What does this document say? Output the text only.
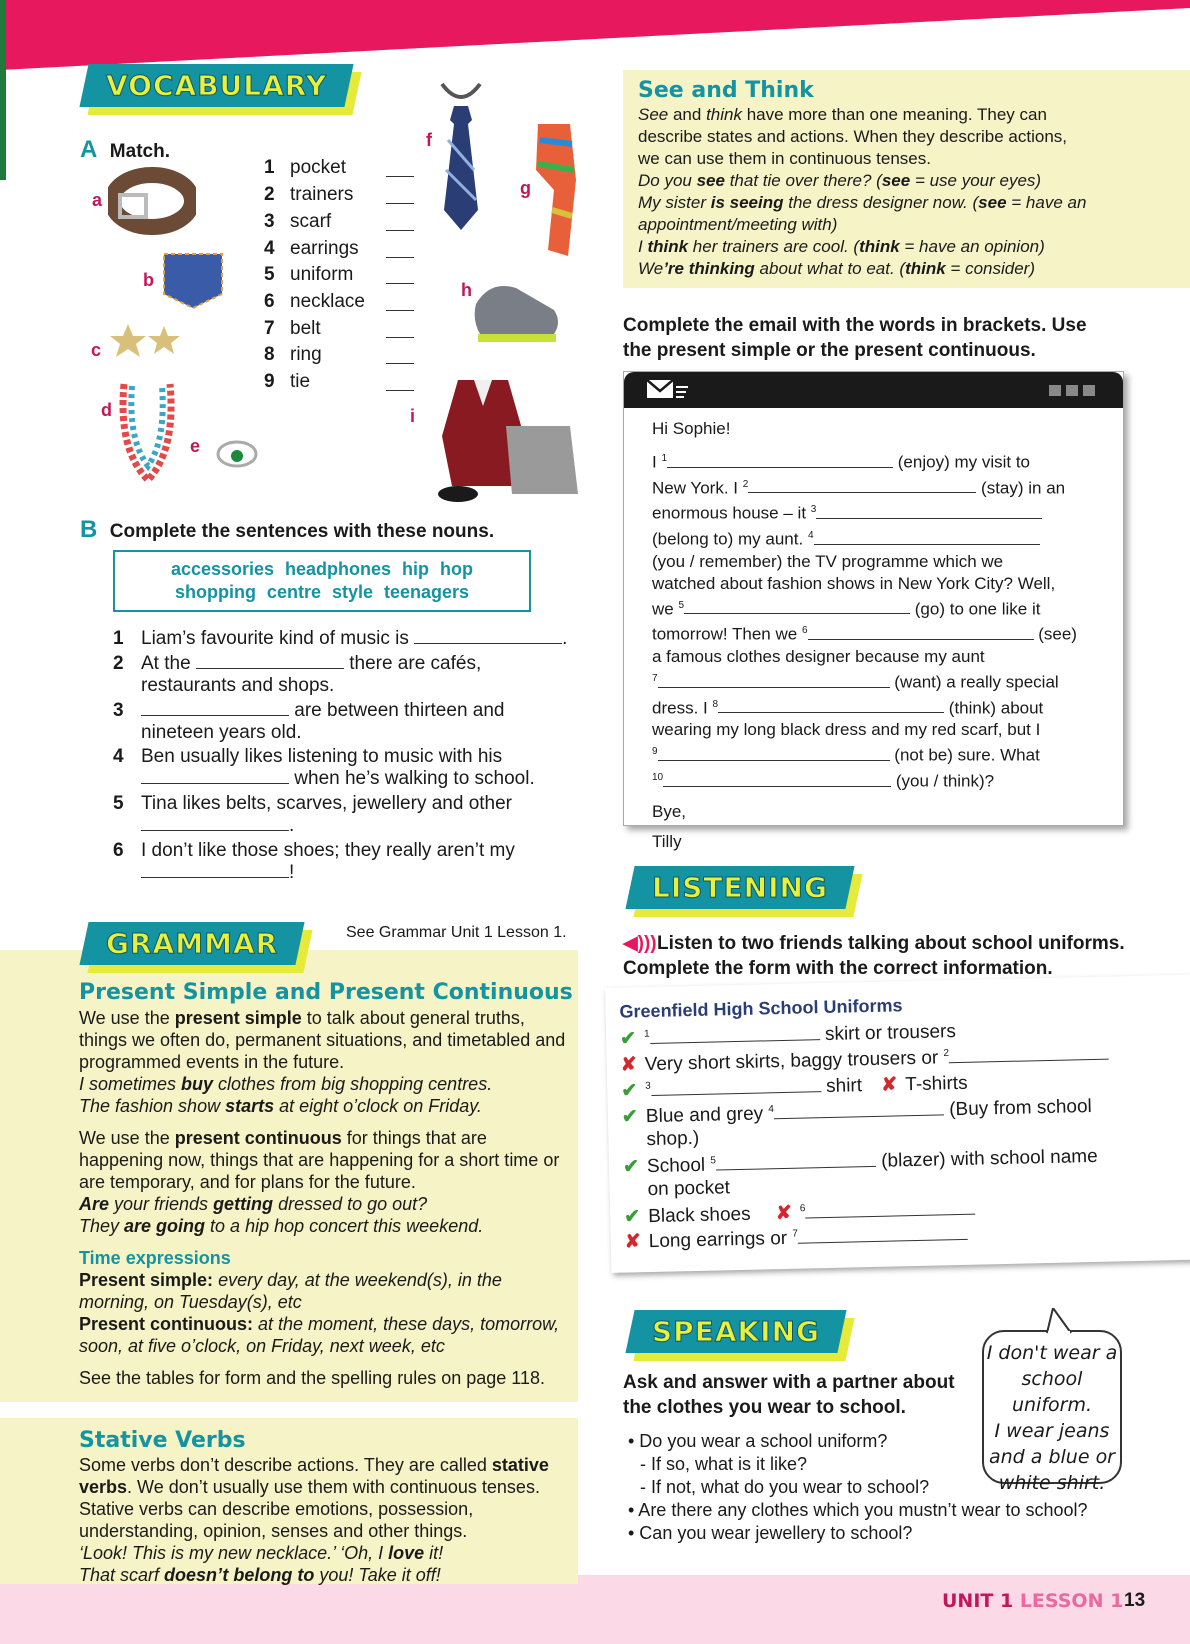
VOCABULARY
A Match.
1 pocket
2 trainers
3 scarf
4 earrings
5 uniform
6 necklace
7 belt
8 ring
9 tie
a
b
c
d
e
f
g
h
i
B Complete the sentences with these nouns.
accessories headphones hip hop
shopping centre style teenagers
1 Liam’s favourite kind of music is	.
2 At the	there are cafés,
restaurants and shops.
3	are between thirteen and
nineteen years old.
4 Ben usually likes listening to music with his
when he’s walking to school.
5 Tina likes belts, scarves, jewellery and other
.
6 I don’t like those shoes; they really aren’t my
!
GRAMMAR	See Grammar Unit 1 Lesson 1.
Present Simple and Present Continuous
We use the present simple to talk about general truths, things we often do, permanent situations, and timetabled and programmed events in the future.
I sometimes buy clothes from big shopping centres.
The fashion show starts at eight o’clock on Friday.
We use the present continuous for things that are happening now, things that are happening for a short time or are temporary, and for plans for the future.
Are your friends getting dressed to go out?
They are going to a hip hop concert this weekend.
Time expressions
Present simple: every day, at the weekend(s), in the morning, on Tuesday(s), etc
Present continuous: at the moment, these days, tomorrow, soon, at five o’clock, on Friday, next week, etc
See the tables for form and the spelling rules on page 118.
Stative Verbs
Some verbs don’t describe actions. They are called stative verbs. We don’t usually use them with continuous tenses. Stative verbs can describe emotions, possession, understanding, opinion, senses and other things.
‘Look! This is my new necklace.’ ‘Oh, I love it!
That scarf doesn’t belong to you! Take it off!
See and Think
See and think have more than one meaning. They can
describe states and actions. When they describe actions,
we can use them in continuous tenses.
Do you see that tie over there? (see = use your eyes)
My sister is seeing the dress designer now. (see = have an
appointment/meeting with)
I think her trainers are cool. (think = have an opinion)
We’re thinking about what to eat. (think = consider)
Complete the email with the words in brackets. Use
the present simple or the present continuous.
Hi Sophie!
I $^1$	(enjoy) my visit to
New York. I $^2$	(stay) in an
enormous house – it $^3$
(belong to) my aunt. $^4$
(you / remember) the TV programme which we
watched about fashion shows in New York City? Well,
we $^5$	(go) to one like it
tomorrow! Then we $^6$	(see)
a famous clothes designer because my aunt
$^7$	(want) a really special
dress. I $^8$	(think) about
wearing my long black dress and my red scarf, but I
$^9$	(not be) sure. What
$^{10}$	(you / think)?
Bye,
Tilly
LISTENING
◀)))Listen to two friends talking about school uniforms.
Complete the form with the correct information.
Greenfield High School Uniforms
✔ $^1$	skirt or trousers
✘ Very short skirts, baggy trousers or $^2$
✔ $^3$	shirt ✘ T-shirts
✔ Blue and grey $^4$	(Buy from school
shop.)
✔ School $^5$	(blazer) with school name
on pocket
✔ Black shoes ✘ $^6$
✘ Long earrings or $^7$
SPEAKING
Ask and answer with a partner about
the clothes you wear to school.
• Do you wear a school uniform?
- If so, what is it like?
- If not, what do you wear to school?
• Are there any clothes which you mustn’t wear to school?
• Can you wear jewellery to school?
I don't wear a
school uniform.
I wear jeans
and a blue or
white shirt.
UNIT 1 LESSON 1 13
